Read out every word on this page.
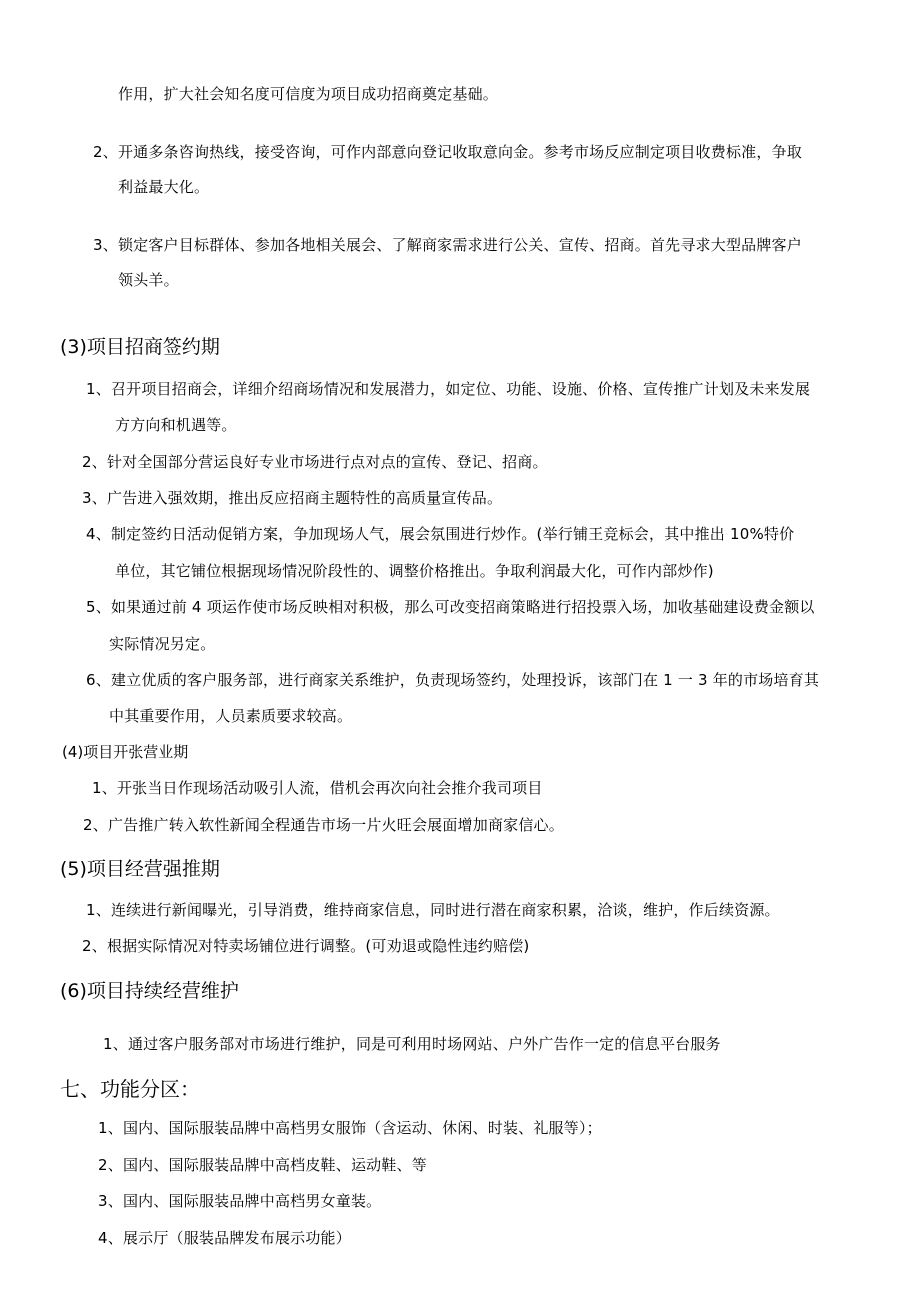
作用，扩大社会知名度可信度为项目成功招商奠定基础。
2、开通多条咨询热线，接受咨询，可作内部意向登记收取意向金。参考市场反应制定项目收费标准，争取
利益最大化。
3、锁定客户目标群体、参加各地相关展会、了解商家需求进行公关、宣传、招商。首先寻求大型品牌客户
领头羊。
(3)项目招商签约期
1、召开项目招商会，详细介绍商场情况和发展潜力，如定位、功能、设施、价格、宣传推广计划及未来发展
方方向和机遇等。
2、针对全国部分营运良好专业市场进行点对点的宣传、登记、招商。
3、广告进入强效期，推出反应招商主题特性的高质量宣传品。
4、制定签约日活动促销方案，争加现场人气，展会氛围进行炒作。(举行铺王竞标会，其中推出 10%特价
单位，其它铺位根据现场情况阶段性的、调整价格推出。争取利润最大化，可作内部炒作)
5、如果通过前 4 项运作使市场反映相对积极，那么可改变招商策略进行招投票入场，加收基础建设费金额以
实际情况另定。
6、建立优质的客户服务部，进行商家关系维护，负责现场签约，处理投诉，该部门在 1 一 3 年的市场培育其
中其重要作用，人员素质要求较高。
(4)项目开张营业期
1、开张当日作现场活动吸引人流，借机会再次向社会推介我司项目
2、广告推广转入软性新闻全程通告市场一片火旺会展面增加商家信心。
(5)项目经营强推期
1、连续进行新闻曝光，引导消费，维持商家信息，同时进行潜在商家积累，洽谈，维护，作后续资源。
2、根据实际情况对特卖场铺位进行调整。(可劝退或隐性违约赔偿)
(6)项目持续经营维护
1、通过客户服务部对市场进行维护，同是可利用时场网站、户外广告作一定的信息平台服务
七、功能分区：
1、国内、国际服装品牌中高档男女服饰（含运动、休闲、时装、礼服等）；
2、国内、国际服装品牌中高档皮鞋、运动鞋、等
3、国内、国际服装品牌中高档男女童装。
4、展示厅（服装品牌发布展示功能）
